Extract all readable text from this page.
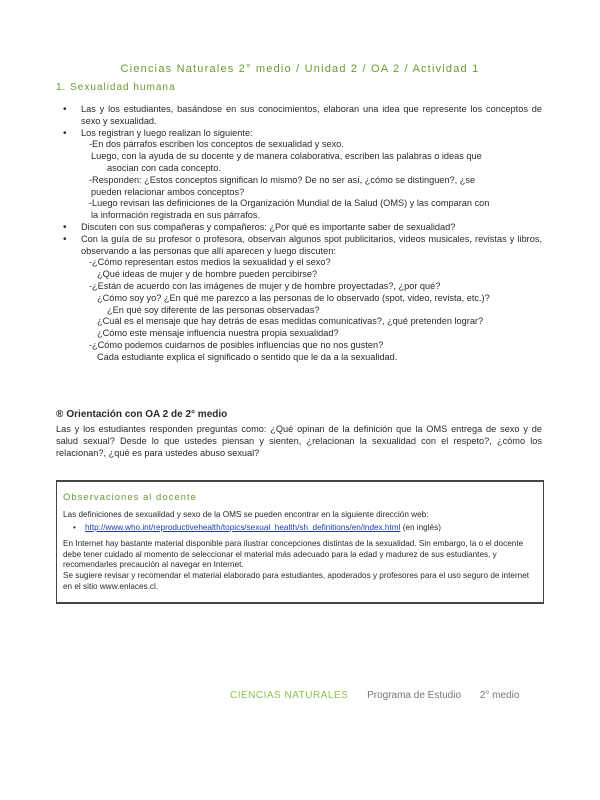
Ciencias Naturales 2° medio / Unidad 2 / OA 2 / Actividad 1
1. Sexualidad humana
• Las y los estudiantes, basándose en sus conocimientos, elaboran una idea que represente los conceptos de sexo y sexualidad.
• Los registran y luego realizan lo siguiente:
-En dos párrafos escriben los conceptos de sexualidad y sexo.
Luego, con la ayuda de su docente y de manera colaborativa, escriben las palabras o ideas que
asocian con cada concepto.
-Responden: ¿Estos conceptos significan lo mismo? De no ser así, ¿cómo se distinguen?, ¿se
pueden relacionar ambos conceptos?
-Luego revisan las definiciones de la Organización Mundial de la Salud (OMS) y las comparan con
la información registrada en sus párrafos.
• Discuten con sus compañeras y compañeros: ¿Por qué es importante saber de sexualidad?
• Con la guía de su profesor o profesora, observan algunos spot publicitarios, videos musicales, revistas y libros, observando a las personas que allí aparecen y luego discuten:
-¿Cómo representan estos medios la sexualidad y el sexo?
¿Qué ideas de mujer y de hombre pueden percibirse?
-¿Están de acuerdo con las imágenes de mujer y de hombre proyectadas?, ¿por qué?
¿Cómo soy yo? ¿En qué me parezco a las personas de lo observado (spot, video, revista, etc.)?
¿En qué soy diferente de las personas observadas?
¿Cuál es el mensaje que hay detrás de esas medidas comunicativas?, ¿qué pretenden lograr?
¿Cómo este mensaje influencia nuestra propia sexualidad?
-¿Cómo podemos cuidarnos de posibles influencias que no nos gusten?
Cada estudiante explica el significado o sentido que le da a la sexualidad.
® Orientación con OA 2 de 2° medio

Las y los estudiantes responden preguntas como: ¿Qué opinan de la definición que la OMS entrega de sexo y de salud sexual? Desde lo que ustedes piensan y sienten, ¿relacionan la sexualidad con el respeto?, ¿cómo los relacionan?, ¿qué es para ustedes abuso sexual?

Observaciones al docente

Las definiciones de sexualidad y sexo de la OMS se pueden encontrar en la siguiente dirección web:

• http://www.who.int/reproductivehealth/topics/sexual_health/sh_definitions/en/index.html (en inglés)

En Internet hay bastante material disponible para ilustrar concepciones distintas de la sexualidad. Sin embargo, la o el docente debe tener cuidado al momento de seleccionar el material más adecuado para la edad y madurez de sus estudiantes, y recomendarles precaución al navegar en Internet.

Se sugiere revisar y recomendar el material elaborado para estudiantes, apoderados y profesores para el uso seguro de internet en el sitio www.enlaces.cl.

CIENCIAS NATURALES Programa de Estudio 2° medio
